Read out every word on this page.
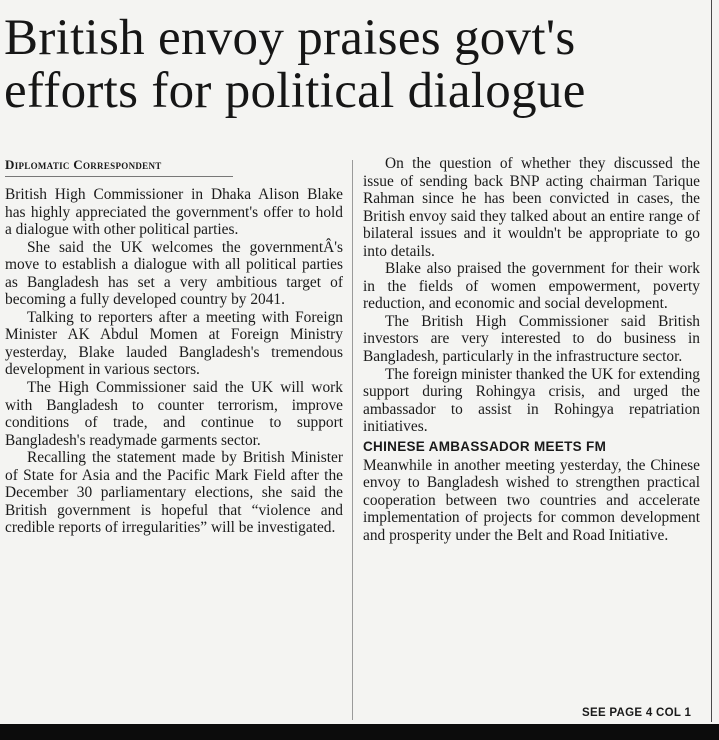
British envoy praises govt's
efforts for political dialogue
Diplomatic Correspondent

British High Commissioner in Dhaka Alison Blake has highly appreciated the government's offer to hold a dialogue with other political parties.

She said the UK welcomes the governmentÂ's move to establish a dialogue with all political parties as Bangladesh has set a very ambitious target of becoming a fully developed country by 2041.

Talking to reporters after a meeting with Foreign Minister AK Abdul Momen at Foreign Ministry yesterday, Blake lauded Bangladesh's tremendous development in various sectors.

The High Commissioner said the UK will work with Bangladesh to counter terrorism, improve conditions of trade, and continue to support Bangladesh's readymade garments sector.

Recalling the statement made by British Minister of State for Asia and the Pacific Mark Field after the December 30 parliamentary elections, she said the British government is hopeful that “violence and credible reports of irregularities” will be investigated.

On the question of whether they discussed the issue of sending back BNP acting chairman Tarique Rahman since he has been convicted in cases, the British envoy said they talked about an entire range of bilateral issues and it wouldn't be appropriate to go into details.

Blake also praised the government for their work in the fields of women empowerment, poverty reduction, and economic and social development.

The British High Commissioner said British investors are very interested to do business in Bangladesh, particularly in the infrastructure sector.

The foreign minister thanked the UK for extending support during Rohingya crisis, and urged the ambassador to assist in Rohingya repatriation initiatives.

CHINESE AMBASSADOR MEETS FM

Meanwhile in another meeting yesterday, the Chinese envoy to Bangladesh wished to strengthen practical cooperation between two countries and accelerate implementation of projects for common development and prosperity under the Belt and Road Initiative.

SEE PAGE 4 COL 1
